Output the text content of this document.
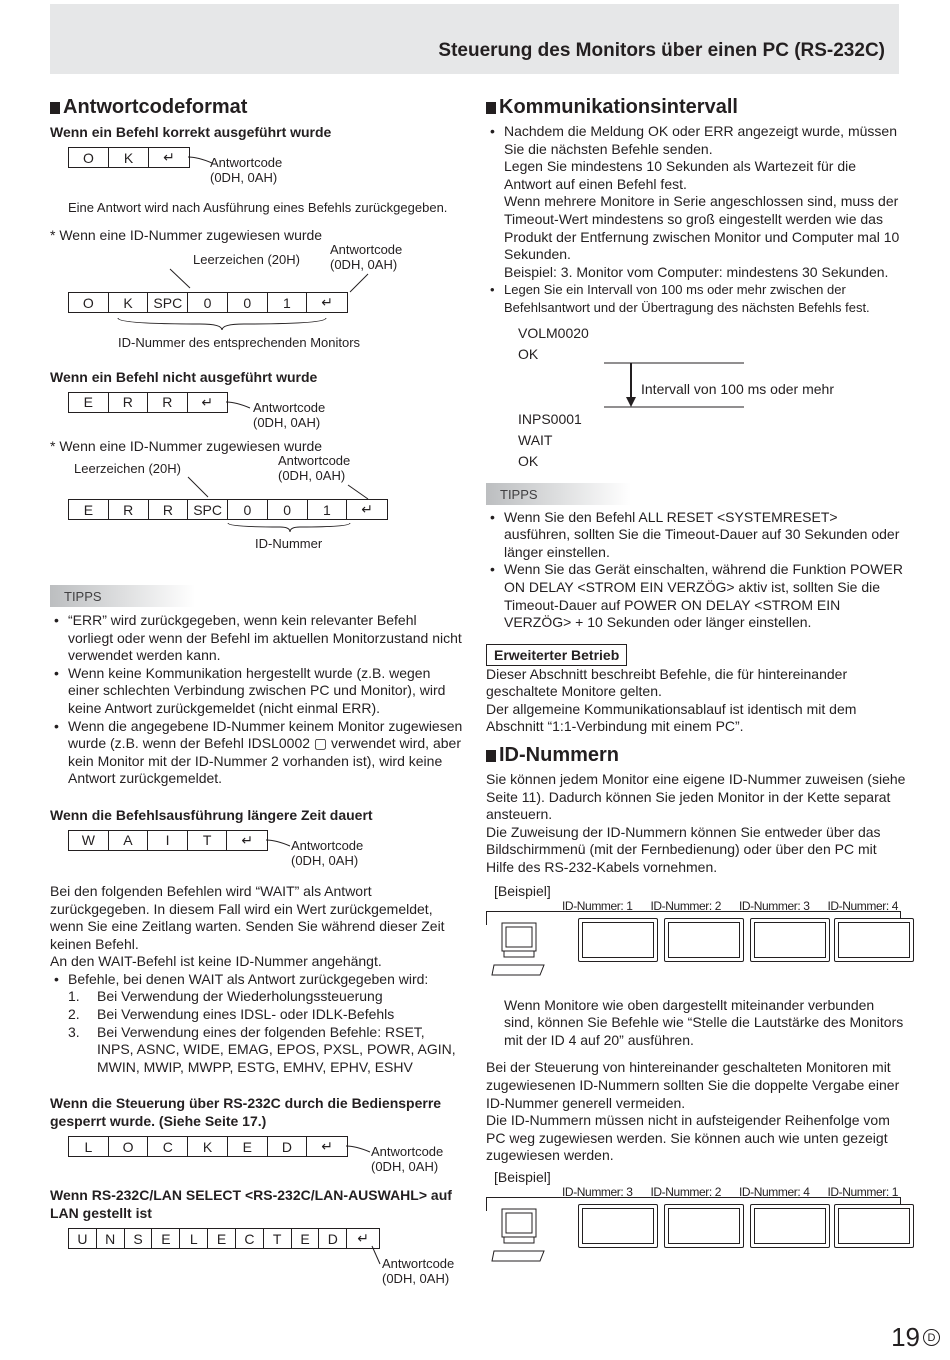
Steuerung des Monitors über einen PC (RS-232C)
Antwortcodeformat
Wenn ein Befehl korrekt ausgeführt wurde
O	K	↵	Antwortcode
(0DH, 0AH)

Eine Antwort wird nach Ausführung eines Befehls zurückgegeben.

* Wenn eine ID-Nummer zugewiesen wurde

Leerzeichen (20H)
Antwortcode
(0DH, 0AH)
O	K	SPC	0	0	1	↵

ID-Nummer des entsprechenden Monitors

Wenn ein Befehl nicht ausgeführt wurde
E	R	R	↵	Antwortcode
(0DH, 0AH)

* Wenn eine ID-Nummer zugewiesen wurde

Leerzeichen (20H)
Antwortcode
(0DH, 0AH)
E	R	R	SPC	0	0	1	↵

ID-Nummer

TIPPS
• “ERR” wird zurückgegeben, wenn kein relevanter Befehl vorliegt oder wenn der Befehl im aktuellen Monitorzustand nicht verwendet werden kann.
• Wenn keine Kommunikation hergestellt wurde (z.B. wegen einer schlechten Verbindung zwischen PC und Monitor), wird keine Antwort zurückgemeldet (nicht einmal ERR).
• Wenn die angegebene ID-Nummer keinem Monitor zugewiesen wurde (z.B. wenn der Befehl IDSL0002 ▢ verwendet wird, aber kein Monitor mit der ID-Nummer 2 vorhanden ist), wird keine Antwort zurückgemeldet.
Wenn die Befehlsausführung längere Zeit dauert
W	A	I	T	↵	Antwortcode
(0DH, 0AH)

Bei den folgenden Befehlen wird “WAIT” als Antwort zurückgegeben. In diesem Fall wird ein Wert zurückgemeldet, wenn Sie eine Zeitlang warten. Senden Sie während dieser Zeit keinen Befehl.

An den WAIT-Befehl ist keine ID-Nummer angehängt.

• Befehle, bei denen WAIT als Antwort zurückgegeben wird:
1. Bei Verwendung der Wiederholungssteuerung
2. Bei Verwendung eines IDSL- oder IDLK-Befehls
3. Bei Verwendung eines der folgenden Befehle: RSET, INPS, ASNC, WIDE, EMAG, EPOS, PXSL, POWR, AGIN, MWIN, MWIP, MWPP, ESTG, EMHV, EPHV, ESHV
Wenn die Steuerung über RS-232C durch die Bediensperre gesperrt wurde. (Siehe Seite 17.)
L	O	C	K	E	D	↵	Antwortcode
(0DH, 0AH)
Wenn RS-232C/LAN SELECT <RS-232C/LAN-AUSWAHL> auf LAN gestellt ist
U	N	S	E	L	E	C	T	E	D	↵
Antwortcode
(0DH, 0AH)
Kommunikationsintervall
• Nachdem die Meldung OK oder ERR angezeigt wurde, müssen Sie die nächsten Befehle senden.
Legen Sie mindestens 10 Sekunden als Wartezeit für die Antwort auf einen Befehl fest.
Wenn mehrere Monitore in Serie angeschlossen sind, muss der Timeout-Wert mindestens so groß eingestellt werden wie das Produkt der Entfernung zwischen Monitor und Computer mal 10 Sekunden.
Beispiel: 3. Monitor vom Computer: mindestens 30 Sekunden.
• Legen Sie ein Intervall von 100 ms oder mehr zwischen der Befehlsantwort und der Übertragung des nächsten Befehls fest.
VOLM0020
OK
Intervall von 100 ms oder mehr
INPS0001
WAIT
OK
TIPPS
• Wenn Sie den Befehl ALL RESET <SYSTEMRESET> ausführen, sollten Sie die Timeout-Dauer auf 30 Sekunden oder länger einstellen.
• Wenn Sie das Gerät einschalten, während die Funktion POWER ON DELAY <STROM EIN VERZÖG> aktiv ist, sollten Sie die Timeout-Dauer auf POWER ON DELAY <STROM EIN VERZÖG> + 10 Sekunden oder länger einstellen.
Erweiterter Betrieb

Dieser Abschnitt beschreibt Befehle, die für hintereinander geschaltete Monitore gelten.

Der allgemeine Kommunikationsablauf ist identisch mit dem Abschnitt “1:1-Verbindung mit einem PC”.

ID-Nummern

Sie können jedem Monitor eine eigene ID-Nummer zuweisen (siehe Seite 11). Dadurch können Sie jeden Monitor in der Kette separat ansteuern.

Die Zuweisung der ID-Nummern können Sie entweder über das Bildschirmmenü (mit der Fernbedienung) oder über den PC mit Hilfe des RS-232-Kabels vornehmen.

[Beispiel]
ID-Nummer: 1 ID-Nummer: 2 ID-Nummer: 3 ID-Nummer: 4

Wenn Monitore wie oben dargestellt miteinander verbunden sind, können Sie Befehle wie “Stelle die Lautstärke des Monitors mit der ID 4 auf 20” ausführen.

Bei der Steuerung von hintereinander geschalteten Monitoren mit zugewiesenen ID-Nummern sollten Sie die doppelte Vergabe einer ID-Nummer generell vermeiden.

Die ID-Nummern müssen nicht in aufsteigender Reihenfolge vom PC weg zugewiesen werden. Sie können auch wie unten gezeigt zugewiesen werden.

[Beispiel]
ID-Nummer: 3 ID-Nummer: 2 ID-Nummer: 4 ID-Nummer: 1
19 D
